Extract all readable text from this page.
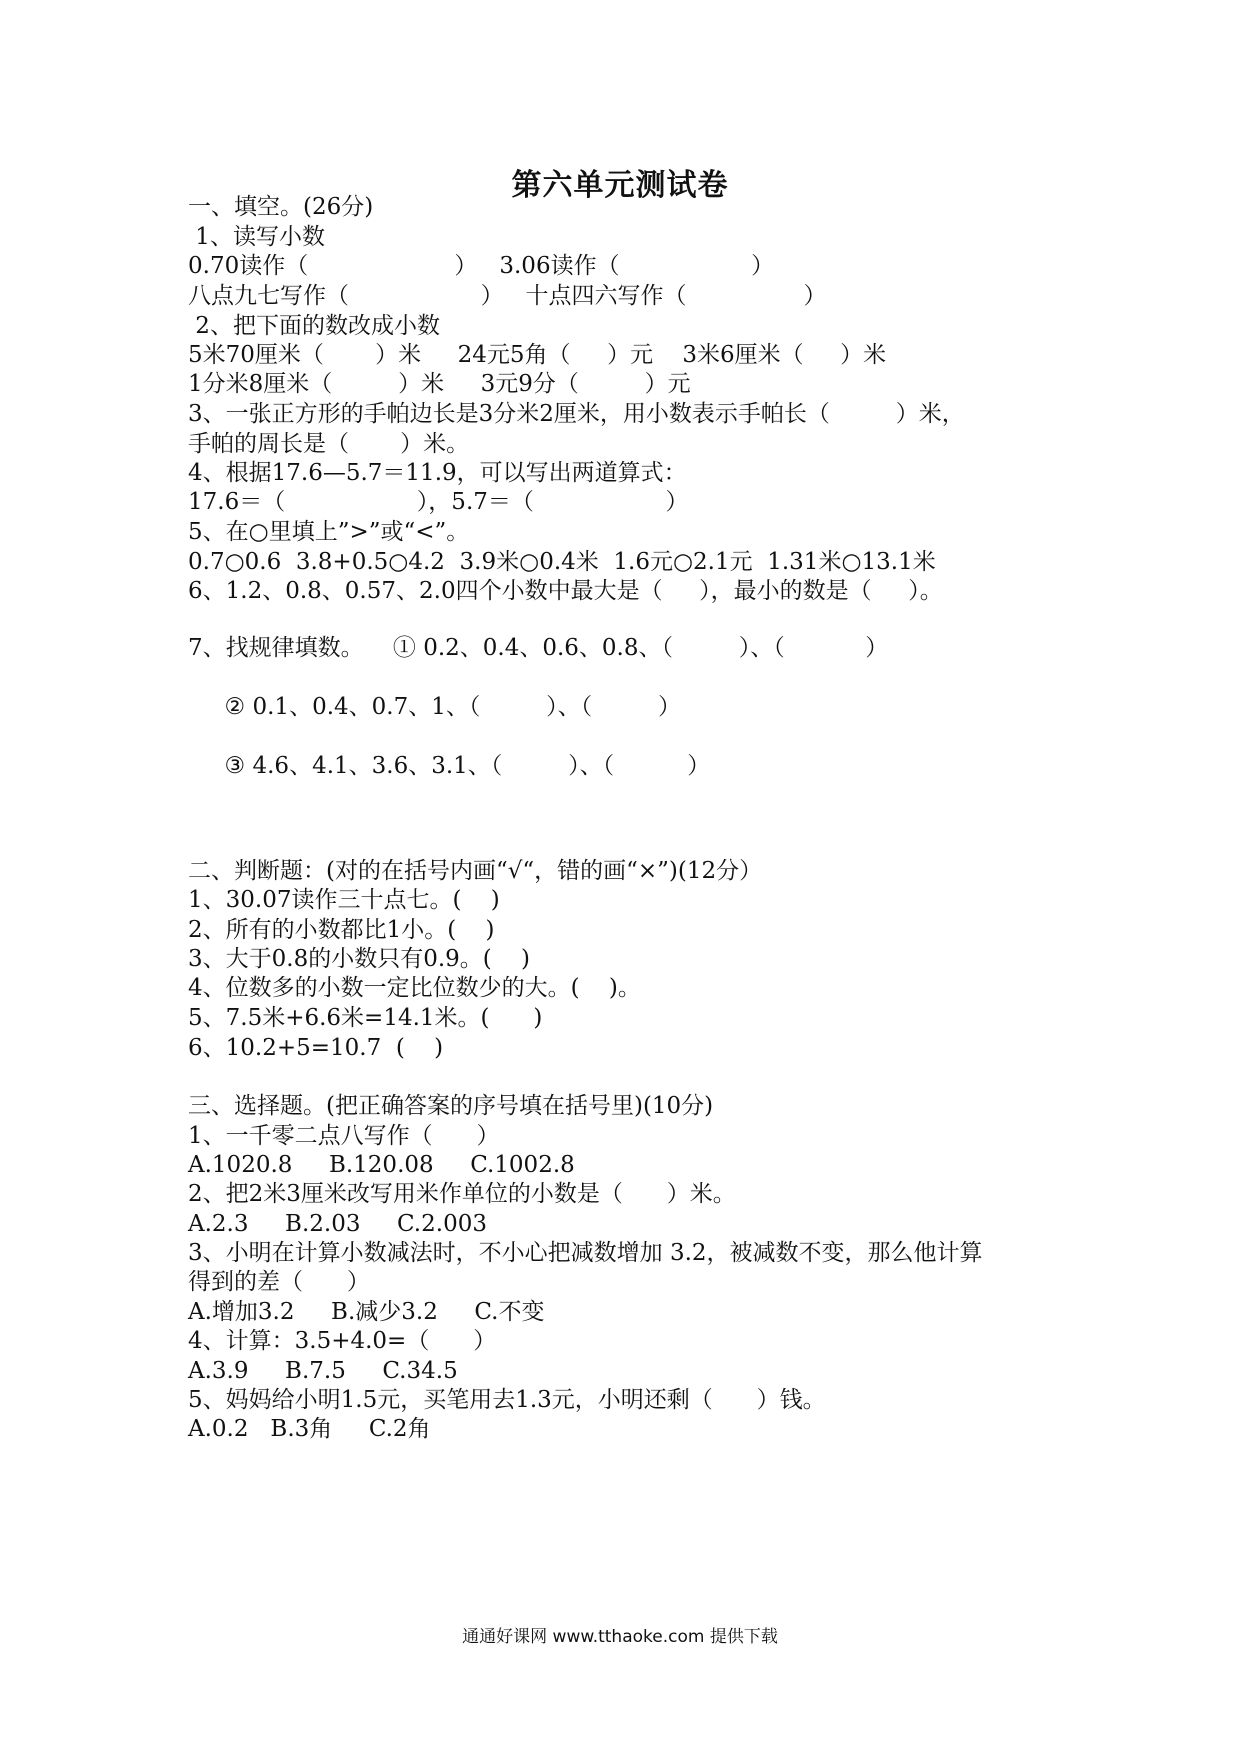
第六单元测试卷
一、填空。(26分)
1、读写小数
0.70读作（                    ）   3.06读作（                  ）
八点九七写作（                  ）   十点四六写作（                ）
2、把下面的数改成小数
5米70厘米（       ）米     24元5角（     ）元    3米6厘米（     ）米
1分米8厘米（         ）米     3元9分（         ）元
3、一张正方形的手帕边长是3分米2厘米，用小数表示手帕长（         ）米，
手帕的周长是（       ）米。
4、根据17.6—5.7＝11.9，可以写出两道算式：
17.6＝（                  ），5.7＝（                  ）
5、在○里填上”>”或“<”。
0.7○0.6  3.8+0.5○4.2  3.9米○0.4米  1.6元○2.1元  1.31米○13.1米
6、1.2、0.8、0.57、2.0四个小数中最大是（     ），最小的数是（     ）。
7、找规律填数。    ① 0.2、0.4、0.6、0.8、（         ）、（           ）
② 0.1、0.4、0.7、1、（         ）、（         ）
③ 4.6、4.1、3.6、3.1、（         ）、（          ）
二、判断题：(对的在括号内画“√“，错的画“×”)(12分）
1、30.07读作三十点七。(    )
2、所有的小数都比1小。(    )
3、大于0.8的小数只有0.9。(    )
4、位数多的小数一定比位数少的大。(    )。
5、7.5米+6.6米=14.1米。(      )
6、10.2+5=10.7  (    )
三、选择题。(把正确答案的序号填在括号里)(10分)
1、一千零二点八写作（      ）
A.1020.8     B.120.08     C.1002.8
2、把2米3厘米改写用米作单位的小数是（      ）米。
A.2.3     B.2.03     C.2.003
3、小明在计算小数减法时，不小心把减数增加 3.2，被减数不变，那么他计算
得到的差（      ）
A.增加3.2     B.减少3.2     C.不变
4、计算：3.5+4.0=（      ）
A.3.9     B.7.5     C.34.5
5、妈妈给小明1.5元，买笔用去1.3元，小明还剩（      ）钱。
A.0.2   B.3角     C.2角
通通好课网 www.tthaoke.com 提供下载
